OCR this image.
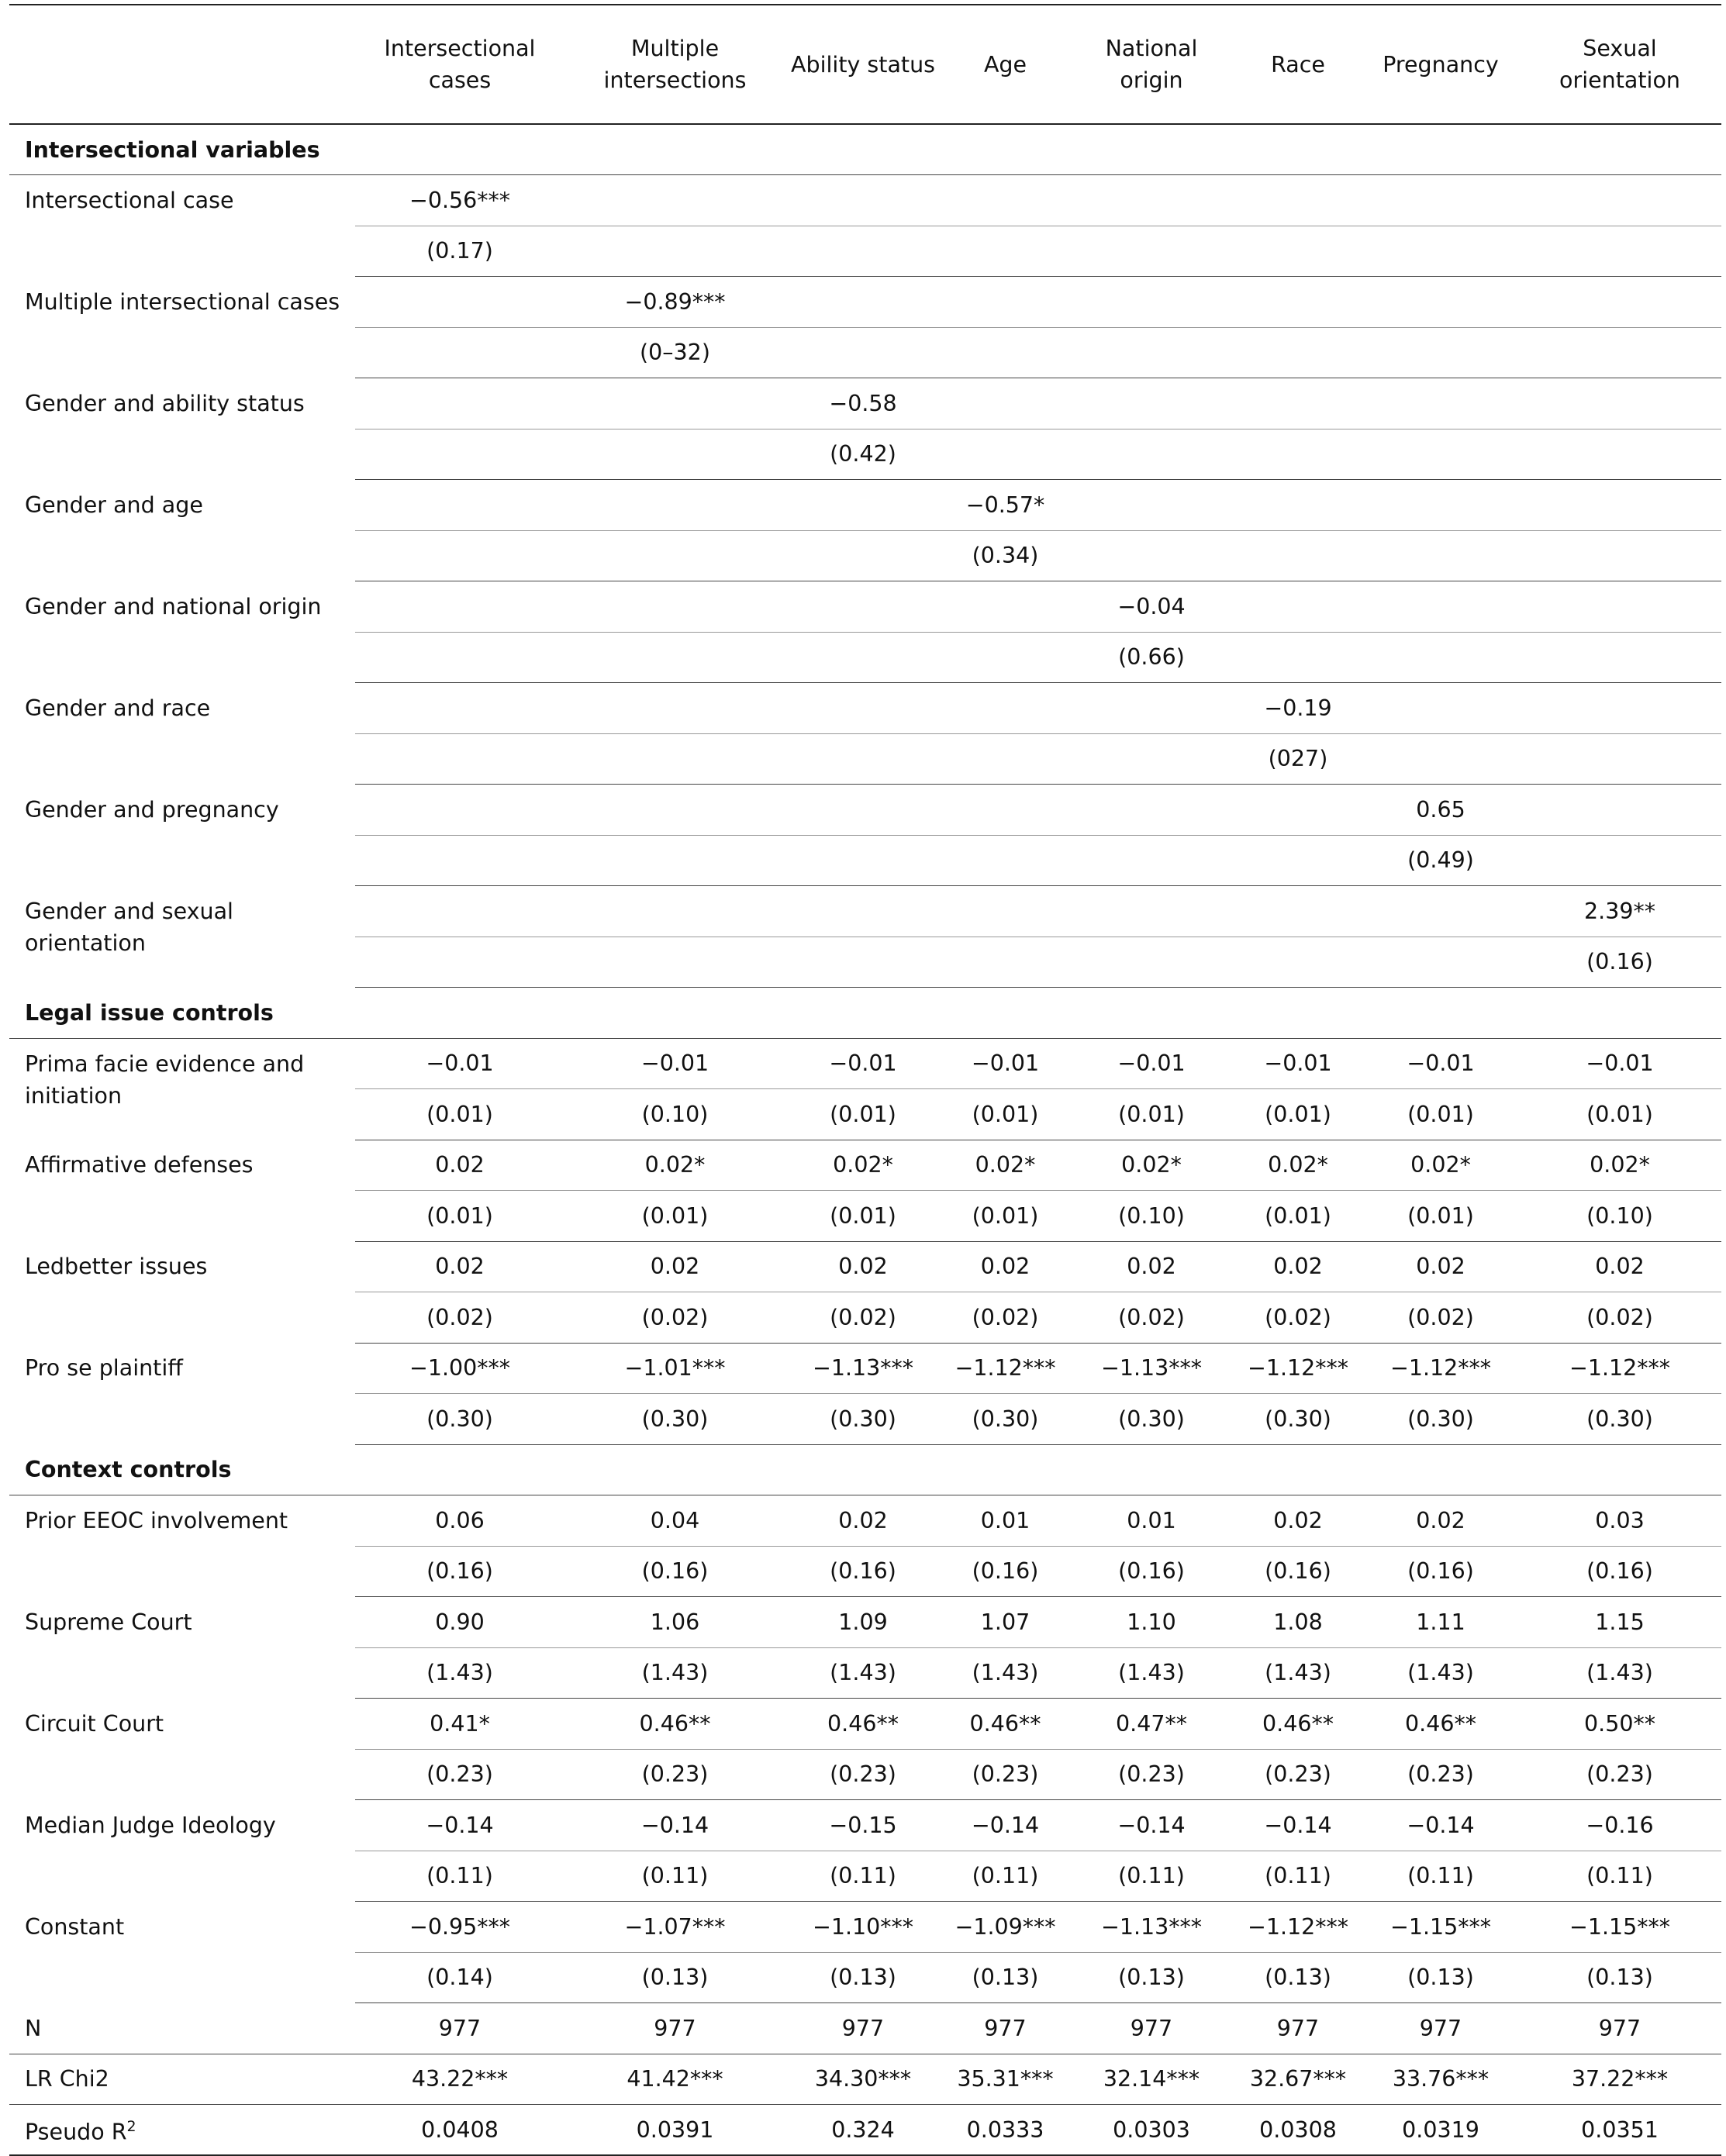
	Intersectional cases	Multiple intersections	Ability status	Age	National origin	Race	Pregnancy	Sexual orientation
Intersectional variables								
Intersectional case	−0.56***							
	(0.17)							
Multiple intersectional cases		−0.89***						
		(0–32)						
Gender and ability status			−0.58					
			(0.42)					
Gender and age				−0.57*				
				(0.34)				
Gender and national origin					−0.04			
					(0.66)			
Gender and race						−0.19		
						(027)		
Gender and pregnancy							0.65	
							(0.49)	
Gender and sexual orientation								2.39**
								(0.16)
Legal issue controls								
Prima facie evidence and initiation	−0.01	−0.01	−0.01	−0.01	−0.01	−0.01	−0.01	−0.01
	(0.01)	(0.10)	(0.01)	(0.01)	(0.01)	(0.01)	(0.01)	(0.01)
Affirmative defenses	0.02	0.02*	0.02*	0.02*	0.02*	0.02*	0.02*	0.02*
	(0.01)	(0.01)	(0.01)	(0.01)	(0.10)	(0.01)	(0.01)	(0.10)
Ledbetter issues	0.02	0.02	0.02	0.02	0.02	0.02	0.02	0.02
	(0.02)	(0.02)	(0.02)	(0.02)	(0.02)	(0.02)	(0.02)	(0.02)
Pro se plaintiff	−1.00***	−1.01***	−1.13***	−1.12***	−1.13***	−1.12***	−1.12***	−1.12***
	(0.30)	(0.30)	(0.30)	(0.30)	(0.30)	(0.30)	(0.30)	(0.30)
Context controls								
Prior EEOC involvement	0.06	0.04	0.02	0.01	0.01	0.02	0.02	0.03
	(0.16)	(0.16)	(0.16)	(0.16)	(0.16)	(0.16)	(0.16)	(0.16)
Supreme Court	0.90	1.06	1.09	1.07	1.10	1.08	1.11	1.15
	(1.43)	(1.43)	(1.43)	(1.43)	(1.43)	(1.43)	(1.43)	(1.43)
Circuit Court	0.41*	0.46**	0.46**	0.46**	0.47**	0.46**	0.46**	0.50**
	(0.23)	(0.23)	(0.23)	(0.23)	(0.23)	(0.23)	(0.23)	(0.23)
Median Judge Ideology	−0.14	−0.14	−0.15	−0.14	−0.14	−0.14	−0.14	−0.16
	(0.11)	(0.11)	(0.11)	(0.11)	(0.11)	(0.11)	(0.11)	(0.11)
Constant	−0.95***	−1.07***	−1.10***	−1.09***	−1.13***	−1.12***	−1.15***	−1.15***
	(0.14)	(0.13)	(0.13)	(0.13)	(0.13)	(0.13)	(0.13)	(0.13)
N	977	977	977	977	977	977	977	977
LR Chi2	43.22***	41.42***	34.30***	35.31***	32.14***	32.67***	33.76***	37.22***
Pseudo $R^2$	0.0408	0.0391	0.324	0.0333	0.0303	0.0308	0.0319	0.0351
